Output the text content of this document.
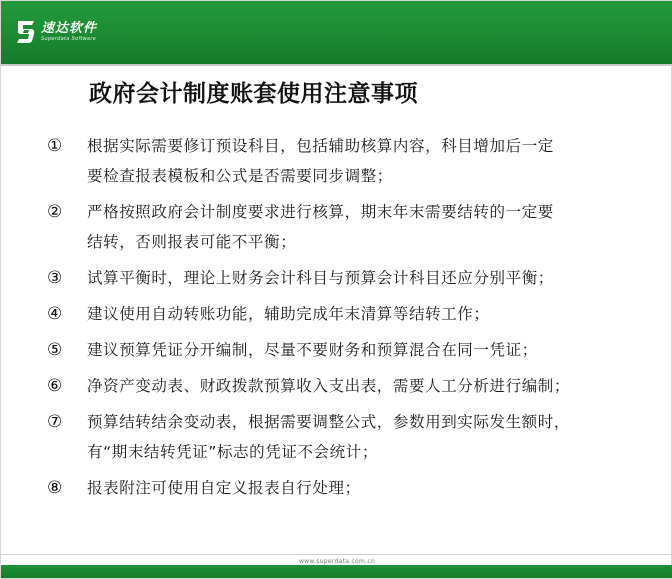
速达软件
Superdata Software
政府会计制度账套使用注意事项
①	根据实际需要修订预设科目，包括辅助核算内容，科目增加后一定
要检查报表模板和公式是否需要同步调整；
②	严格按照政府会计制度要求进行核算，期末年末需要结转的一定要
结转，否则报表可能不平衡；
③	试算平衡时，理论上财务会计科目与预算会计科目还应分别平衡；
④	建议使用自动转账功能，辅助完成年末清算等结转工作；
⑤	建议预算凭证分开编制，尽量不要财务和预算混合在同一凭证；
⑥	净资产变动表、财政拨款预算收入支出表，需要人工分析进行编制；
⑦	预算结转结余变动表，根据需要调整公式，参数用到实际发生额时，
有“期末结转凭证”标志的凭证不会统计；
⑧	报表附注可使用自定义报表自行处理；
www.superdata.com.cn
